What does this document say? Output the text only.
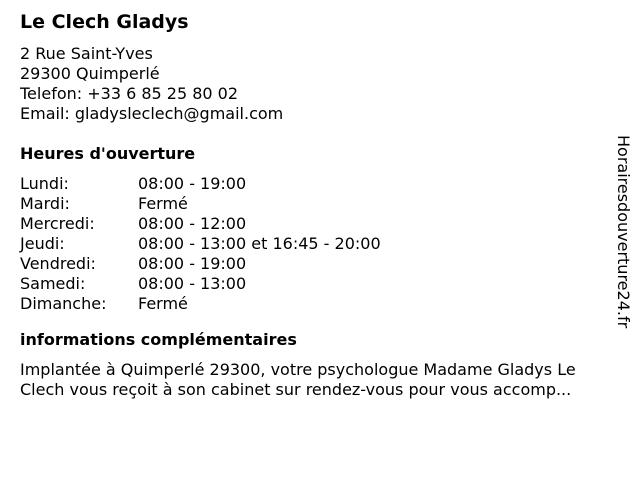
Le Clech Gladys
2 Rue Saint-Yves
29300 Quimperlé
Telefon: +33 6 85 25 80 02
Email: gladysleclech@gmail.com
Heures d'ouverture
Lundi:	08:00 - 19:00
Mardi:	Fermé
Mercredi:	08:00 - 12:00
Jeudi:	08:00 - 13:00 et 16:45 - 20:00
Vendredi:	08:00 - 19:00
Samedi:	08:00 - 13:00
Dimanche:	Fermé
informations complémentaires
Implantée à Quimperlé 29300, votre psychologue Madame Gladys Le Clech vous reçoit à son cabinet sur rendez-vous pour vous accomp...
Horairesdouverture24.fr
